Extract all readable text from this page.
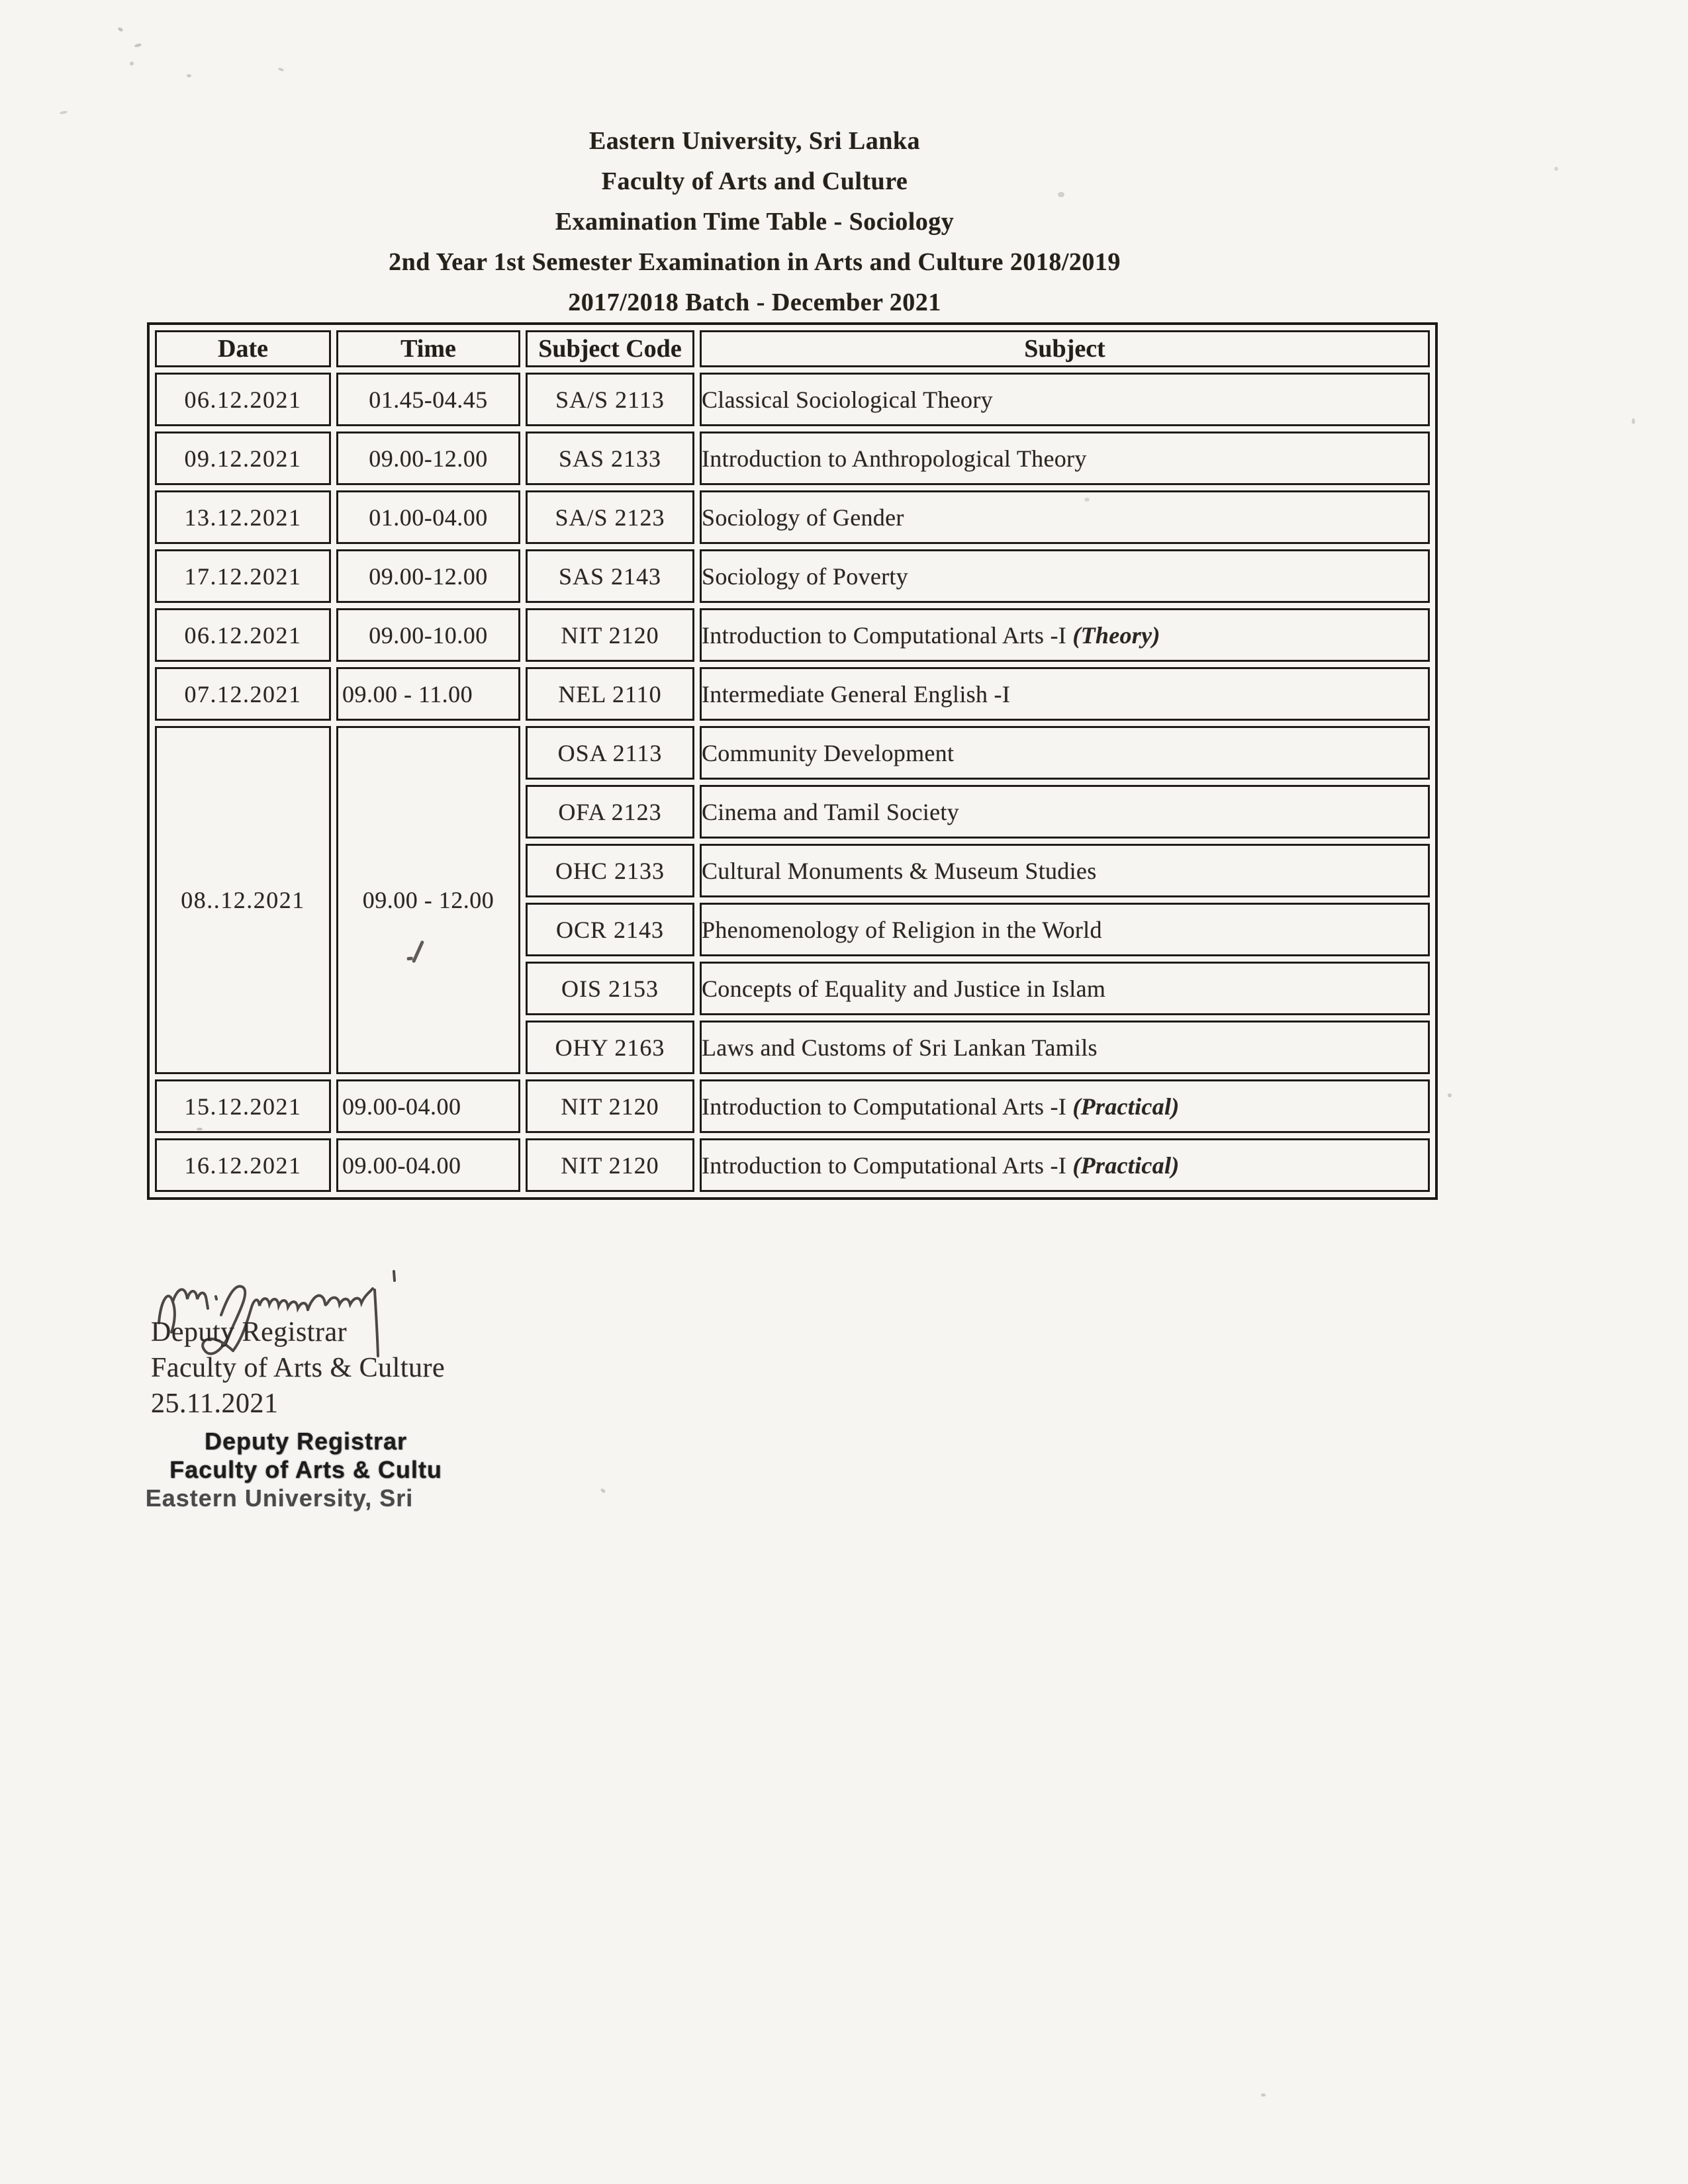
Eastern University, Sri Lanka
Faculty of Arts and Culture
Examination Time Table - Sociology
2nd Year 1st Semester Examination in Arts and Culture 2018/2019
2017/2018 Batch - December 2021
Date	Time	Subject Code	Subject
06.12.2021	01.45-04.45	SA/S 2113	Classical Sociological Theory
09.12.2021	09.00-12.00	SAS 2133	Introduction to Anthropological Theory
13.12.2021	01.00-04.00	SA/S 2123	Sociology of Gender
17.12.2021	09.00-12.00	SAS 2143	Sociology of Poverty
06.12.2021	09.00-10.00	NIT 2120	Introduction to Computational Arts -I (Theory)
07.12.2021	09.00 - 11.00	NEL 2110	Intermediate General English -I
08..12.2021	09.00 - 12.00	OSA 2113	Community Development
		OFA 2123	Cinema and Tamil Society
		OHC 2133	Cultural Monuments & Museum Studies
		OCR 2143	Phenomenology of Religion in the World
		OIS 2153	Concepts of Equality and Justice in Islam
		OHY 2163	Laws and Customs of Sri Lankan Tamils
15.12.2021	09.00-04.00	NIT 2120	Introduction to Computational Arts -I (Practical)
16.12.2021	09.00-04.00	NIT 2120	Introduction to Computational Arts -I (Practical)
Deputy Registrar
Faculty of Arts & Culture
25.11.2021
Deputy Registrar
Faculty of Arts & Cultu
Eastern University, Sri
